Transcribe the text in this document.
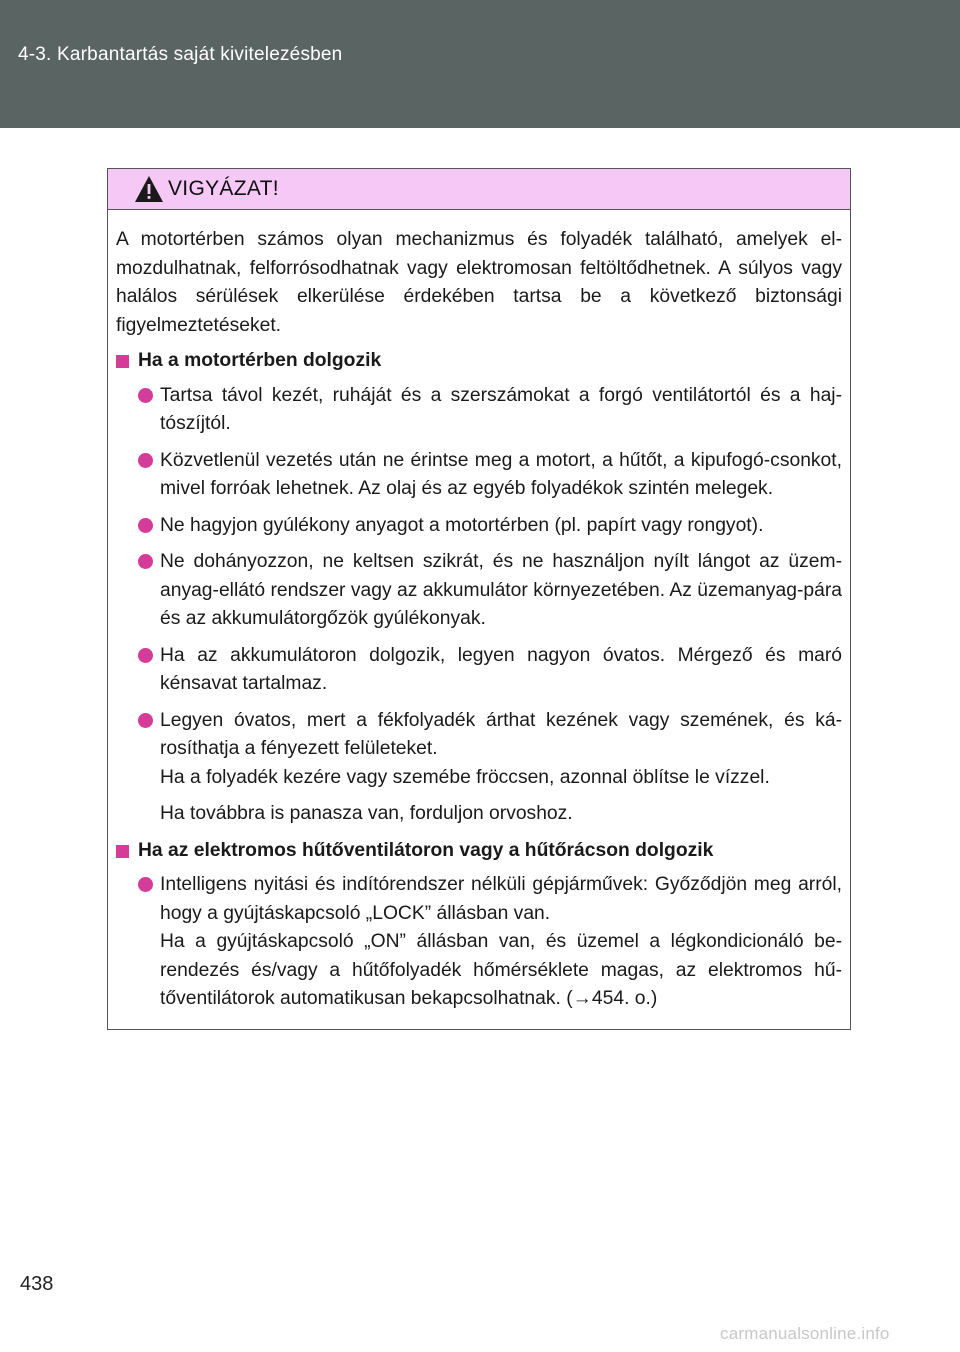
4-3. Karbantartás saját kivitelezésben
VIGYÁZAT!

A motortérben számos olyan mechanizmus és folyadék található, amelyek el-mozdulhatnak, felforrósodhatnak vagy elektromosan feltöltődhetnek. A súlyos vagy halálos sérülések elkerülése érdekében tartsa be a következő biztonsági figyelmeztetéseket.

Ha a motortérben dolgozik
Tartsa távol kezét, ruháját és a szerszámokat a forgó ventilátortól és a haj-tószíjtól.
Közvetlenül vezetés után ne érintse meg a motort, a hűtőt, a kipufogó-csonkot, mivel forróak lehetnek. Az olaj és az egyéb folyadékok szintén melegek.
Ne hagyjon gyúlékony anyagot a motortérben (pl. papírt vagy rongyot).
Ne dohányozzon, ne keltsen szikrát, és ne használjon nyílt lángot az üzem-anyag-ellátó rendszer vagy az akkumulátor környezetében. Az üzemanyag-pára és az akkumulátorgőzök gyúlékonyak.
Ha az akkumulátoron dolgozik, legyen nagyon óvatos. Mérgező és maró kénsavat tartalmaz.
Legyen óvatos, mert a fékfolyadék árthat kezének vagy szemének, és ká-rosíthatja a fényezett felületeket.
Ha a folyadék kezére vagy szemébe fröccsen, azonnal öblítse le vízzel.

Ha továbbra is panasza van, forduljon orvoshoz.

Ha az elektromos hűtőventilátoron vagy a hűtőrácson dolgozik
Intelligens nyitási és indítórendszer nélküli gépjárművek: Győződjön meg arról, hogy a gyújtáskapcsoló „LOCK” állásban van.
Ha a gyújtáskapcsoló „ON” állásban van, és üzemel a légkondicionáló be-rendezés és/vagy a hűtőfolyadék hőmérséklete magas, az elektromos hű-tőventilátorok automatikusan bekapcsolhatnak. (→454. o.)
438
carmanualsonline.info
